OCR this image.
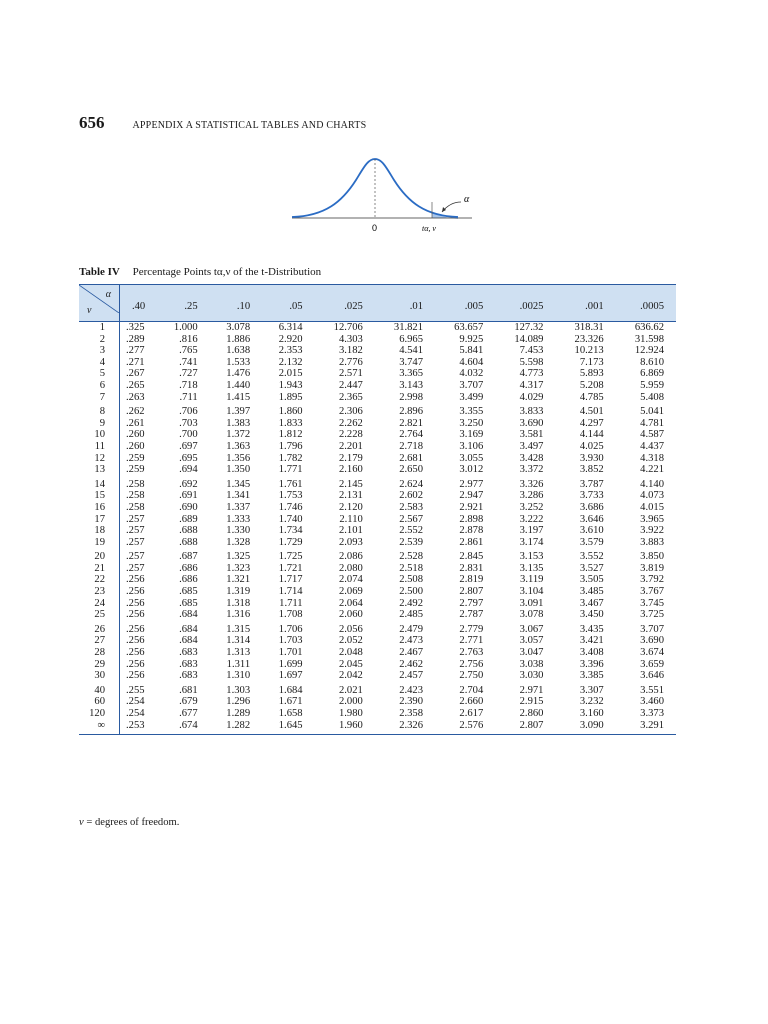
656	APPENDIX A STATISTICAL TABLES AND CHARTS
0	tα, ν
α
Table IV Percentage Points tα,ν of the t-Distribution
α
ν	.40	.25	.10	.05	.025	.01	.005	.0025	.001	.0005
1	.325	1.000	3.078	6.314	12.706	31.821	63.657	127.32	318.31	636.62
2	.289	.816	1.886	2.920	4.303	6.965	9.925	14.089	23.326	31.598
3	.277	.765	1.638	2.353	3.182	4.541	5.841	7.453	10.213	12.924
4	.271	.741	1.533	2.132	2.776	3.747	4.604	5.598	7.173	8.610
5	.267	.727	1.476	2.015	2.571	3.365	4.032	4.773	5.893	6.869
6	.265	.718	1.440	1.943	2.447	3.143	3.707	4.317	5.208	5.959
7	.263	.711	1.415	1.895	2.365	2.998	3.499	4.029	4.785	5.408
8	.262	.706	1.397	1.860	2.306	2.896	3.355	3.833	4.501	5.041
9	.261	.703	1.383	1.833	2.262	2.821	3.250	3.690	4.297	4.781
10	.260	.700	1.372	1.812	2.228	2.764	3.169	3.581	4.144	4.587
11	.260	.697	1.363	1.796	2.201	2.718	3.106	3.497	4.025	4.437
12	.259	.695	1.356	1.782	2.179	2.681	3.055	3.428	3.930	4.318
13	.259	.694	1.350	1.771	2.160	2.650	3.012	3.372	3.852	4.221
14	.258	.692	1.345	1.761	2.145	2.624	2.977	3.326	3.787	4.140
15	.258	.691	1.341	1.753	2.131	2.602	2.947	3.286	3.733	4.073
16	.258	.690	1.337	1.746	2.120	2.583	2.921	3.252	3.686	4.015
17	.257	.689	1.333	1.740	2.110	2.567	2.898	3.222	3.646	3.965
18	.257	.688	1.330	1.734	2.101	2.552	2.878	3.197	3.610	3.922
19	.257	.688	1.328	1.729	2.093	2.539	2.861	3.174	3.579	3.883
20	.257	.687	1.325	1.725	2.086	2.528	2.845	3.153	3.552	3.850
21	.257	.686	1.323	1.721	2.080	2.518	2.831	3.135	3.527	3.819
22	.256	.686	1.321	1.717	2.074	2.508	2.819	3.119	3.505	3.792
23	.256	.685	1.319	1.714	2.069	2.500	2.807	3.104	3.485	3.767
24	.256	.685	1.318	1.711	2.064	2.492	2.797	3.091	3.467	3.745
25	.256	.684	1.316	1.708	2.060	2.485	2.787	3.078	3.450	3.725
26	.256	.684	1.315	1.706	2.056	2.479	2.779	3.067	3.435	3.707
27	.256	.684	1.314	1.703	2.052	2.473	2.771	3.057	3.421	3.690
28	.256	.683	1.313	1.701	2.048	2.467	2.763	3.047	3.408	3.674
29	.256	.683	1.311	1.699	2.045	2.462	2.756	3.038	3.396	3.659
30	.256	.683	1.310	1.697	2.042	2.457	2.750	3.030	3.385	3.646
40	.255	.681	1.303	1.684	2.021	2.423	2.704	2.971	3.307	3.551
60	.254	.679	1.296	1.671	2.000	2.390	2.660	2.915	3.232	3.460
120	.254	.677	1.289	1.658	1.980	2.358	2.617	2.860	3.160	3.373
∞	.253	.674	1.282	1.645	1.960	2.326	2.576	2.807	3.090	3.291
ν = degrees of freedom.
